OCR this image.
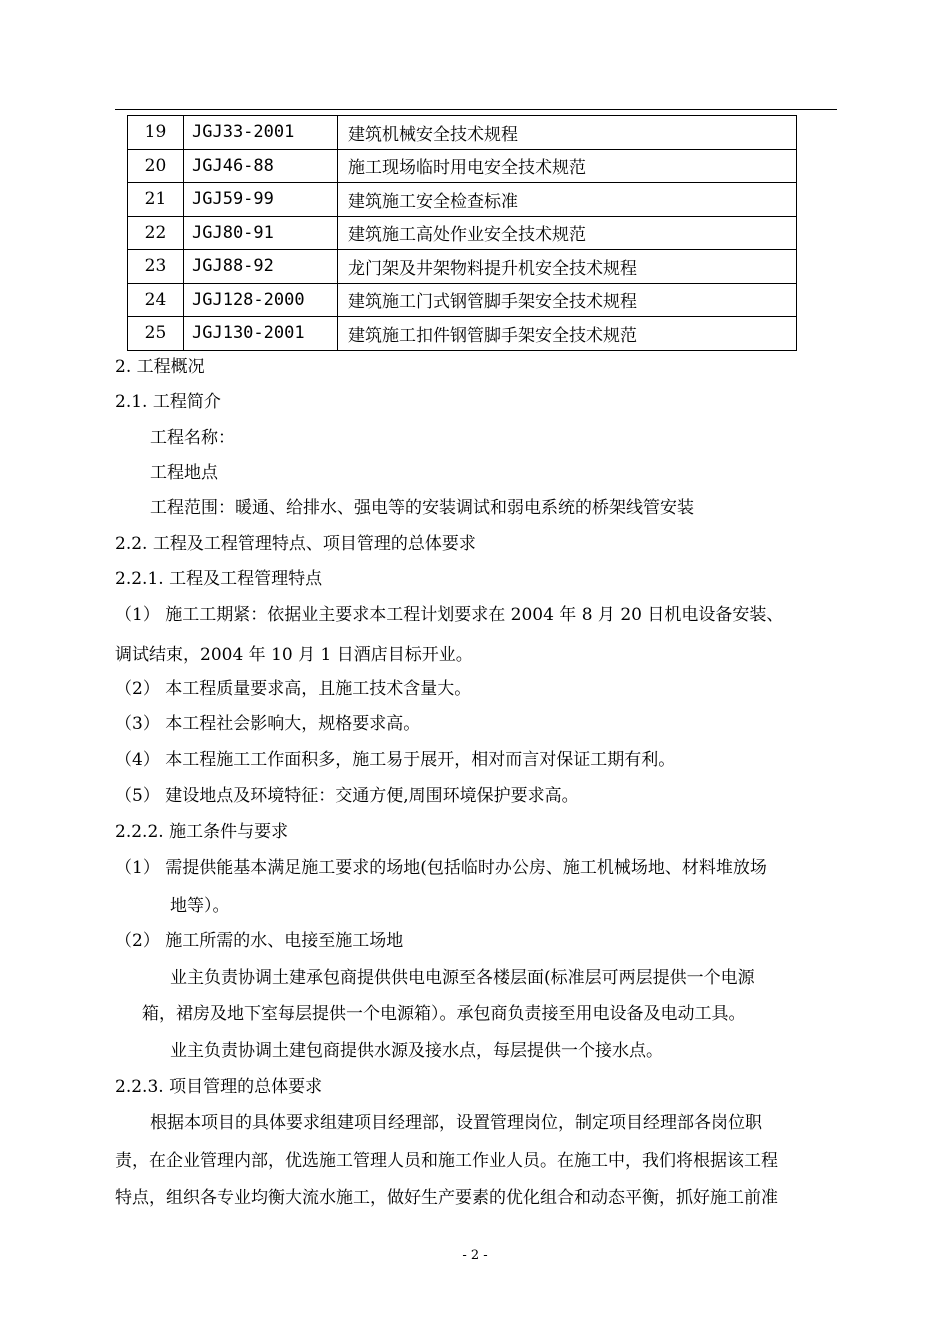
19	JGJ33-2001	建筑机械安全技术规程
20	JGJ46-88	施工现场临时用电安全技术规范
21	JGJ59-99	建筑施工安全检查标准
22	JGJ80-91	建筑施工高处作业安全技术规范
23	JGJ88-92	龙门架及井架物料提升机安全技术规程
24	JGJ128-2000	建筑施工门式钢管脚手架安全技术规程
25	JGJ130-2001	建筑施工扣件钢管脚手架安全技术规范
2. 工程概况
2.1. 工程简介
工程名称：
工程地点
工程范围：暖通、给排水、强电等的安装调试和弱电系统的桥架线管安装
2.2. 工程及工程管理特点、项目管理的总体要求
2.2.1. 工程及工程管理特点
（1） 施工工期紧：依据业主要求本工程计划要求在 2004 年 8 月 20 日机电设备安装、
调试结束，2004 年 10 月 1 日酒店目标开业。
（2） 本工程质量要求高，且施工技术含量大。
（3） 本工程社会影响大，规格要求高。
（4） 本工程施工工作面积多，施工易于展开，相对而言对保证工期有利。
（5） 建设地点及环境特征：交通方便,周围环境保护要求高。
2.2.2. 施工条件与要求
（1） 需提供能基本满足施工要求的场地(包括临时办公房、施工机械场地、材料堆放场
地等）。
（2） 施工所需的水、电接至施工场地
业主负责协调土建承包商提供供电电源至各楼层面(标准层可两层提供一个电源
箱，裙房及地下室每层提供一个电源箱）。承包商负责接至用电设备及电动工具。
业主负责协调土建包商提供水源及接水点，每层提供一个接水点。
2.2.3. 项目管理的总体要求
根据本项目的具体要求组建项目经理部，设置管理岗位，制定项目经理部各岗位职
责，在企业管理内部，优选施工管理人员和施工作业人员。在施工中，我们将根据该工程
特点，组织各专业均衡大流水施工，做好生产要素的优化组合和动态平衡，抓好施工前准
- 2 -
